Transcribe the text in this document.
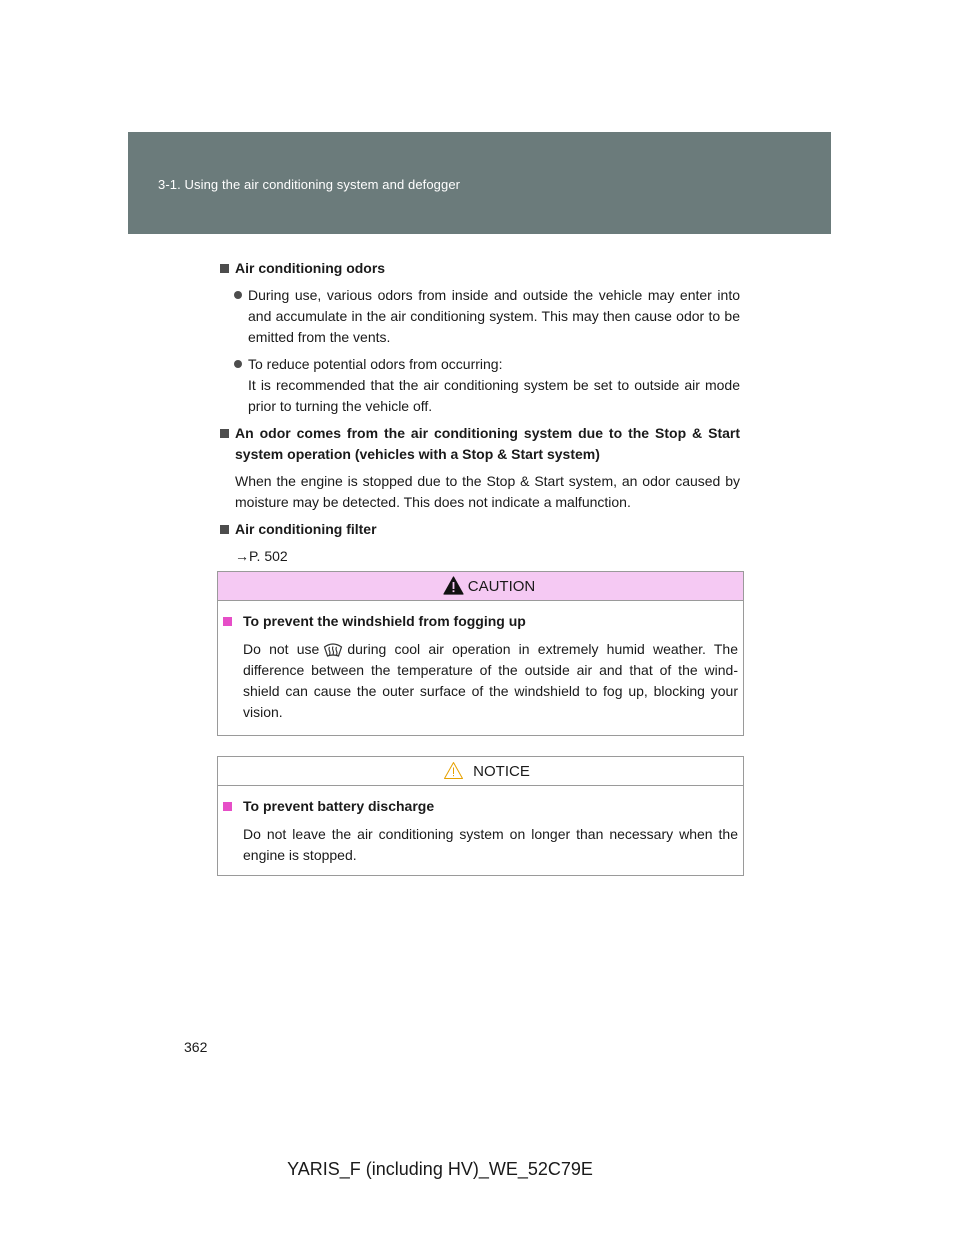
3-1. Using the air conditioning system and defogger
Air conditioning odors
During use, various odors from inside and outside the vehicle may enter into and accumulate in the air conditioning system. This may then cause odor to be emitted from the vents.
To reduce potential odors from occurring:
It is recommended that the air conditioning system be set to outside air mode prior to turning the vehicle off.
An odor comes from the air conditioning system due to the Stop & Start system operation (vehicles with a Stop & Start system)
When the engine is stopped due to the Stop & Start system, an odor caused by moisture may be detected. This does not indicate a malfunction.
Air conditioning filter
→P. 502
CAUTION
To prevent the windshield from fogging up
Do not use during cool air operation in extremely humid weather. The difference between the temperature of the outside air and that of the wind-shield can cause the outer surface of the windshield to fog up, blocking your vision.
NOTICE
To prevent battery discharge
Do not leave the air conditioning system on longer than necessary when the engine is stopped.
362
YARIS_F (including HV)_WE_52C79E
